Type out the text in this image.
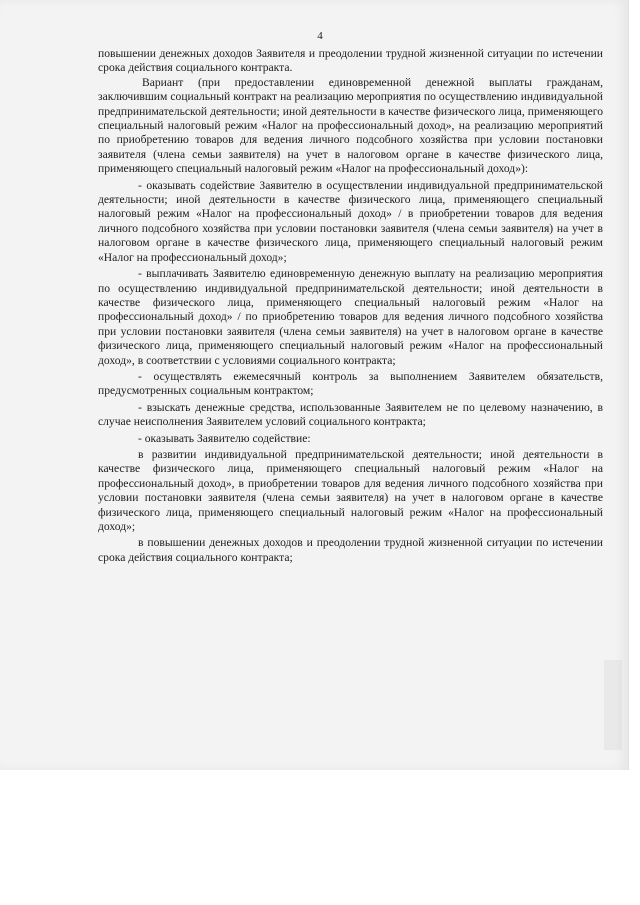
4

повышении денежных доходов Заявителя и преодолении трудной жизненной ситуации по истечении срока действия социального контракта.

Вариант (при предоставлении единовременной денежной выплаты гражданам, заключившим социальный контракт на реализацию мероприятия по осуществлению индивидуальной предпринимательской деятельности; иной деятельности в качестве физического лица, применяющего специальный налоговый режим «Налог на профессиональный доход», на реализацию мероприятий по приобретению товаров для ведения личного подсобного хозяйства при условии постановки заявителя (члена семьи заявителя) на учет в налоговом органе в качестве физического лица, применяющего специальный налоговый режим «Налог на профессиональный доход»):

- оказывать содействие Заявителю в осуществлении индивидуальной предпринимательской деятельности; иной деятельности в качестве физического лица, применяющего специальный налоговый режим «Налог на профессиональный доход» / в приобретении товаров для ведения личного подсобного хозяйства при условии постановки заявителя (члена семьи заявителя) на учет в налоговом органе в качестве физического лица, применяющего специальный налоговый режим «Налог на профессиональный доход»;

- выплачивать Заявителю единовременную денежную выплату на реализацию мероприятия по осуществлению индивидуальной предпринимательской деятельности; иной деятельности в качестве физического лица, применяющего специальный налоговый режим «Налог на профессиональный доход» / по приобретению товаров для ведения личного подсобного хозяйства при условии постановки заявителя (члена семьи заявителя) на учет в налоговом органе в качестве физического лица, применяющего специальный налоговый режим «Налог на профессиональный доход», в соответствии с условиями социального контракта;

- осуществлять ежемесячный контроль за выполнением Заявителем обязательств, предусмотренных социальным контрактом;

- взыскать денежные средства, использованные Заявителем не по целевому назначению, в случае неисполнения Заявителем условий социального контракта;

- оказывать Заявителю содействие:

в развитии индивидуальной предпринимательской деятельности; иной деятельности в качестве физического лица, применяющего специальный налоговый режим «Налог на профессиональный доход», в приобретении товаров для ведения личного подсобного хозяйства при условии постановки заявителя (члена семьи заявителя) на учет в налоговом органе в качестве физического лица, применяющего специальный налоговый режим «Налог на профессиональный доход»;

в повышении денежных доходов и преодолении трудной жизненной ситуации по истечении срока действия социального контракта;
